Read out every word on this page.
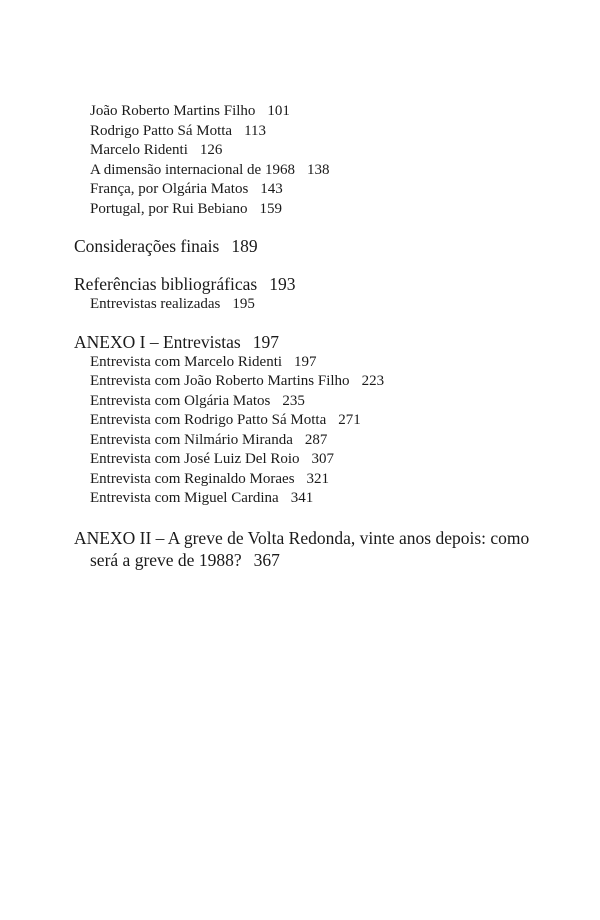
João Roberto Martins Filho 101
Rodrigo Patto Sá Motta 113
Marcelo Ridenti 126
A dimensão internacional de 1968 138
França, por Olgária Matos 143
Portugal, por Rui Bebiano 159
Considerações finais 189
Referências bibliográficas 193
Entrevistas realizadas 195
ANEXO I – Entrevistas 197
Entrevista com Marcelo Ridenti 197
Entrevista com João Roberto Martins Filho 223
Entrevista com Olgária Matos 235
Entrevista com Rodrigo Patto Sá Motta 271
Entrevista com Nilmário Miranda 287
Entrevista com José Luiz Del Roio 307
Entrevista com Reginaldo Moraes 321
Entrevista com Miguel Cardina 341
ANEXO II – A greve de Volta Redonda, vinte anos depois: como será a greve de 1988? 367
